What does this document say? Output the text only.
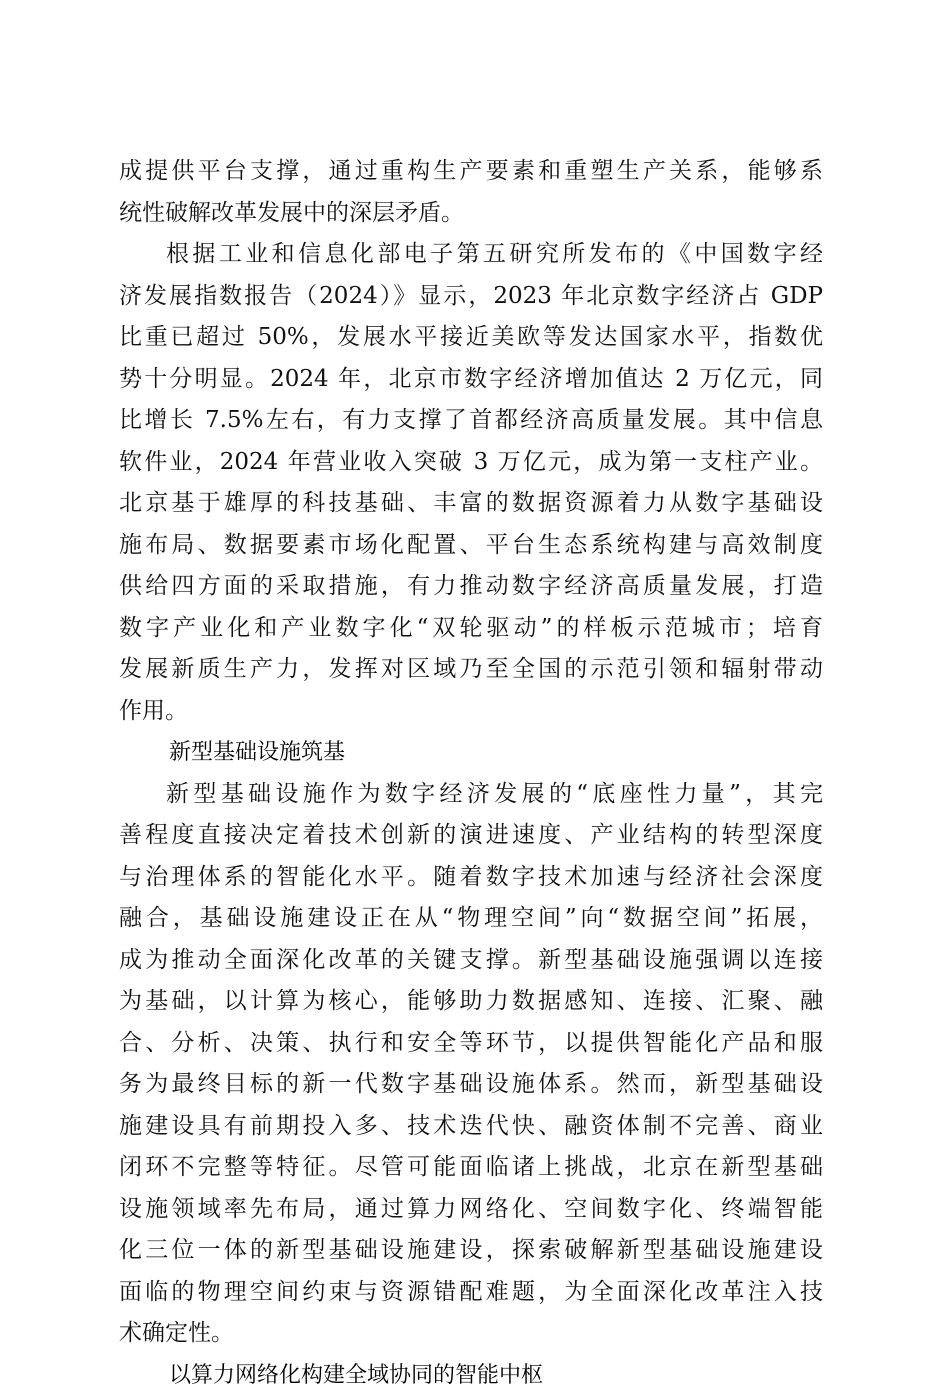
成提供平台支撑，通过重构生产要素和重塑生产关系，能够系
统性破解改革发展中的深层矛盾。
根据工业和信息化部电子第五研究所发布的《中国数字经
济发展指数报告（2024）》显示，2023 年北京数字经济占 GDP
比重已超过 50%，发展水平接近美欧等发达国家水平，指数优
势十分明显。2024 年，北京市数字经济增加值达 2 万亿元，同
比增长 7.5%左右，有力支撑了首都经济高质量发展。其中信息
软件业，2024 年营业收入突破 3 万亿元，成为第一支柱产业。
北京基于雄厚的科技基础、丰富的数据资源着力从数字基础设
施布局、数据要素市场化配置、平台生态系统构建与高效制度
供给四方面的采取措施，有力推动数字经济高质量发展，打造
数字产业化和产业数字化“双轮驱动”的样板示范城市；培育
发展新质生产力，发挥对区域乃至全国的示范引领和辐射带动
作用。
新型基础设施筑基
新型基础设施作为数字经济发展的“底座性力量”，其完
善程度直接决定着技术创新的演进速度、产业结构的转型深度
与治理体系的智能化水平。随着数字技术加速与经济社会深度
融合，基础设施建设正在从“物理空间”向“数据空间”拓展，
成为推动全面深化改革的关键支撑。新型基础设施强调以连接
为基础，以计算为核心，能够助力数据感知、连接、汇聚、融
合、分析、决策、执行和安全等环节，以提供智能化产品和服
务为最终目标的新一代数字基础设施体系。然而，新型基础设
施建设具有前期投入多、技术迭代快、融资体制不完善、商业
闭环不完整等特征。尽管可能面临诸上挑战，北京在新型基础
设施领域率先布局，通过算力网络化、空间数字化、终端智能
化三位一体的新型基础设施建设，探索破解新型基础设施建设
面临的物理空间约束与资源错配难题，为全面深化改革注入技
术确定性。
以算力网络化构建全域协同的智能中枢
